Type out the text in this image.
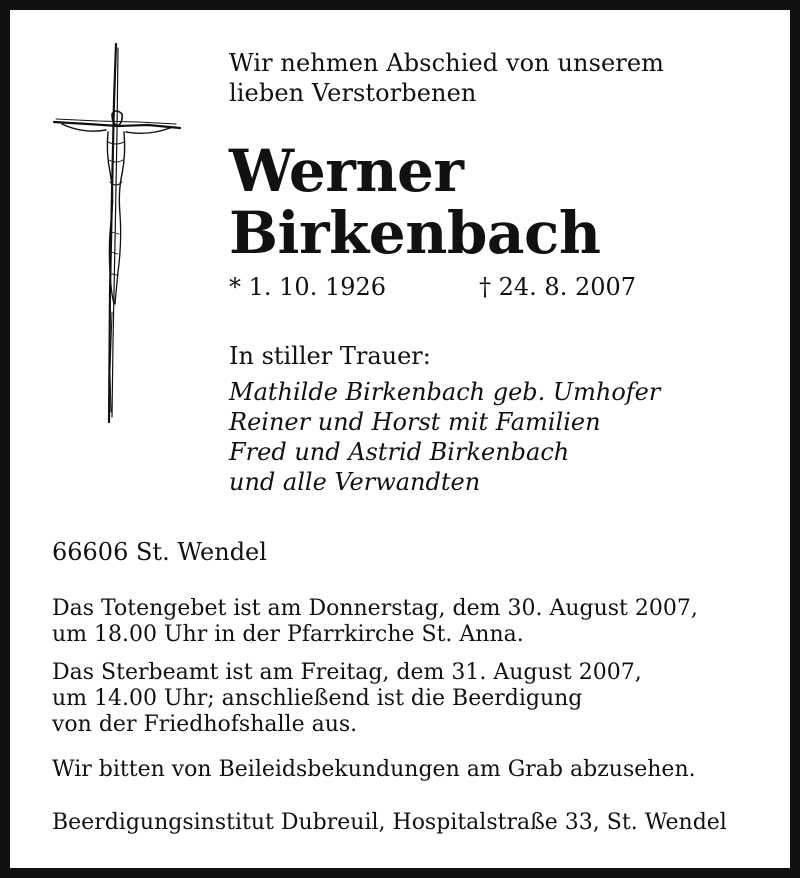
Wir nehmen Abschied von unserem
lieben Verstorbenen
Werner
Birkenbach
* 1. 10. 1926	† 24. 8. 2007
In stiller Trauer:
Mathilde Birkenbach geb. Umhofer
Reiner und Horst mit Familien
Fred und Astrid Birkenbach
und alle Verwandten
66606 St. Wendel
Das Totengebet ist am Donnerstag, dem 30. August 2007,
um 18.00 Uhr in der Pfarrkirche St. Anna.
Das Sterbeamt ist am Freitag, dem 31. August 2007,
um 14.00 Uhr; anschließend ist die Beerdigung
von der Friedhofshalle aus.
Wir bitten von Beileidsbekundungen am Grab abzusehen.
Beerdigungsinstitut Dubreuil, Hospitalstraße 33, St. Wendel
